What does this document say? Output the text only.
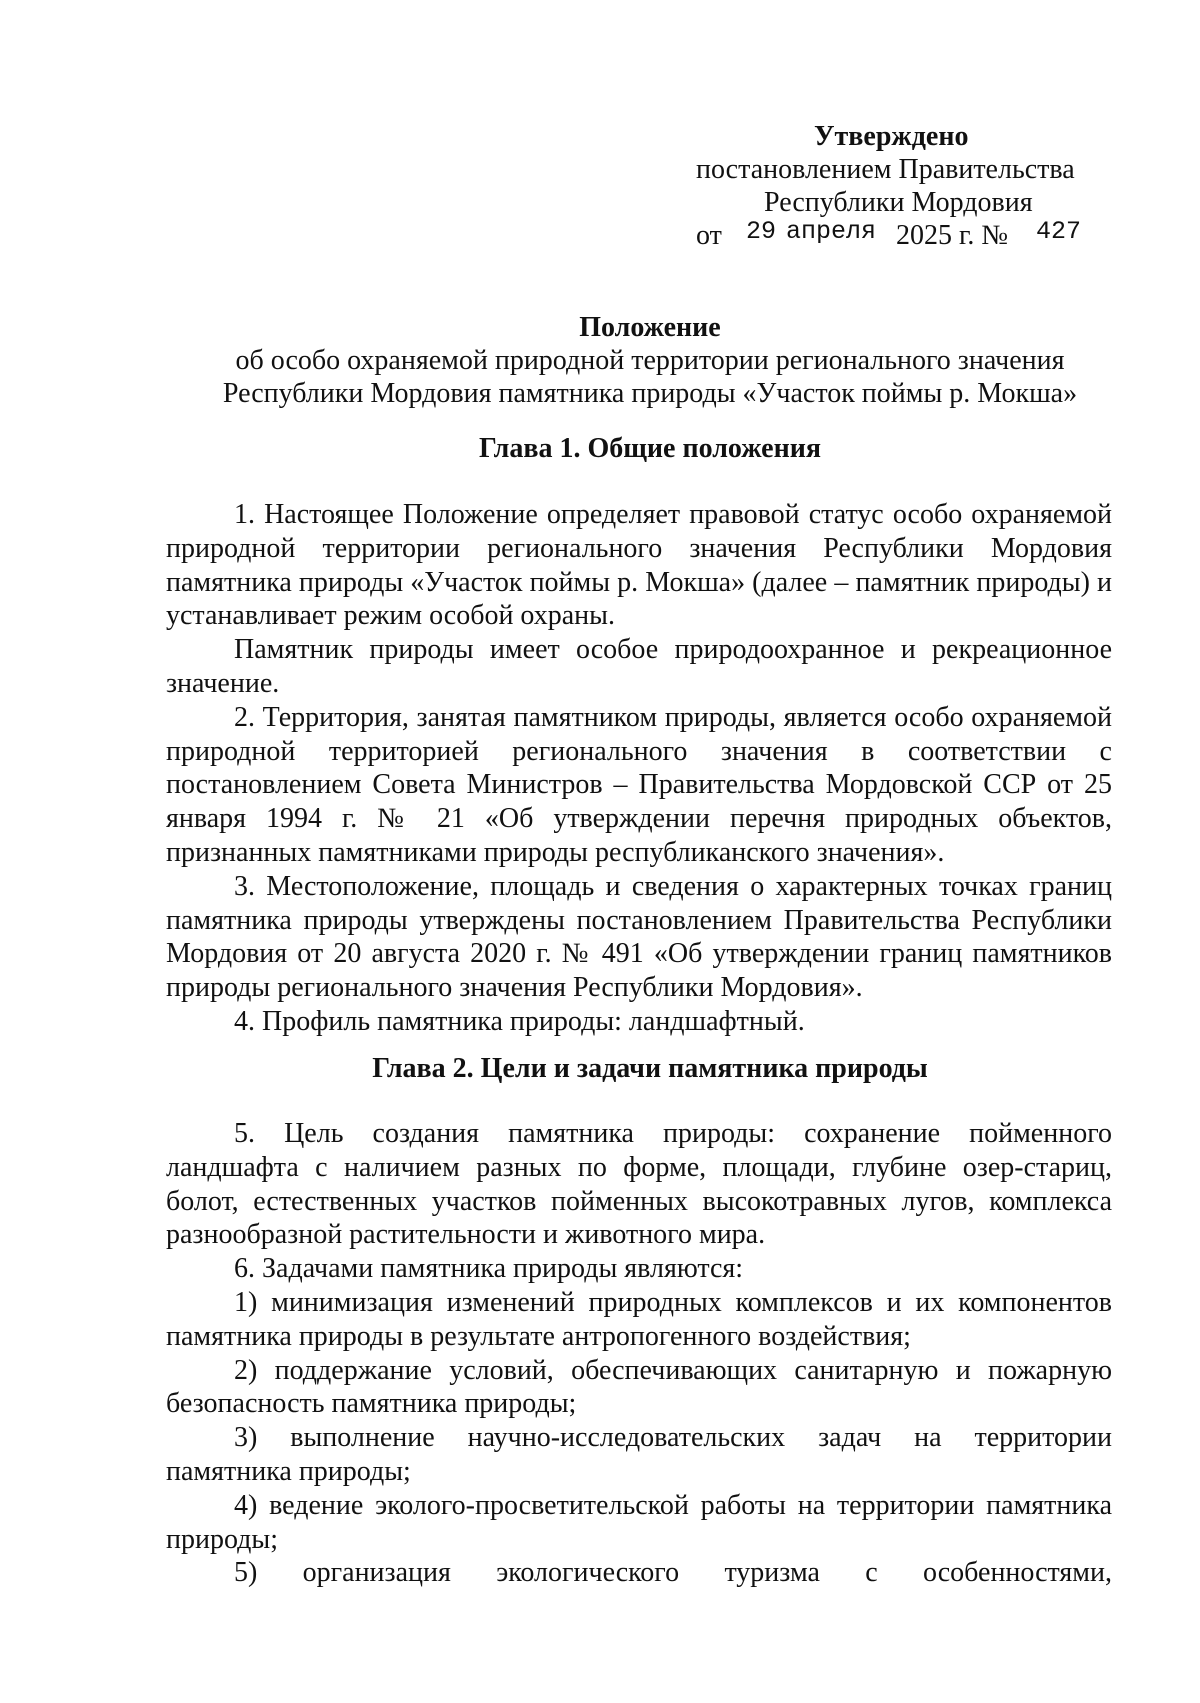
Утверждено
постановлением Правительства
Республики Мордовия
от 29 апреля 2025 г. № 427
Положение
об особо охраняемой природной территории регионального значения
Республики Мордовия памятника природы «Участок поймы р. Мокша»
Глава 1. Общие положения

1. Настоящее Положение определяет правовой статус особо охраняемой природной территории регионального значения Республики Мордовия памятника природы «Участок поймы р. Мокша» (далее – памятник природы) и устанавливает режим особой охраны.

Памятник природы имеет особое природоохранное и рекреационное значение.

2. Территория, занятая памятником природы, является особо охраняемой природной территорией регионального значения в соответствии с постановлением Совета Министров – Правительства Мордовской ССР от 25 января 1994 г. № 21 «Об утверждении перечня природных объектов, признанных памятниками природы республиканского значения».

3. Местоположение, площадь и сведения о характерных точках границ памятника природы утверждены постановлением Правительства Республики Мордовия от 20 августа 2020 г. № 491 «Об утверждении границ памятников природы регионального значения Республики Мордовия».

4. Профиль памятника природы: ландшафтный.

Глава 2. Цели и задачи памятника природы

5. Цель создания памятника природы: сохранение пойменного ландшафта с наличием разных по форме, площади, глубине озер-стариц, болот, естественных участков пойменных высокотравных лугов, комплекса разнообразной растительности и животного мира.

6. Задачами памятника природы являются:

1) минимизация изменений природных комплексов и их компонентов памятника природы в результате антропогенного воздействия;

2) поддержание условий, обеспечивающих санитарную и пожарную безопасность памятника природы;

3) выполнение научно-исследовательских задач на территории памятника природы;

4) ведение эколого-просветительской работы на территории памятника природы;

5) организация экологического туризма с особенностями,
